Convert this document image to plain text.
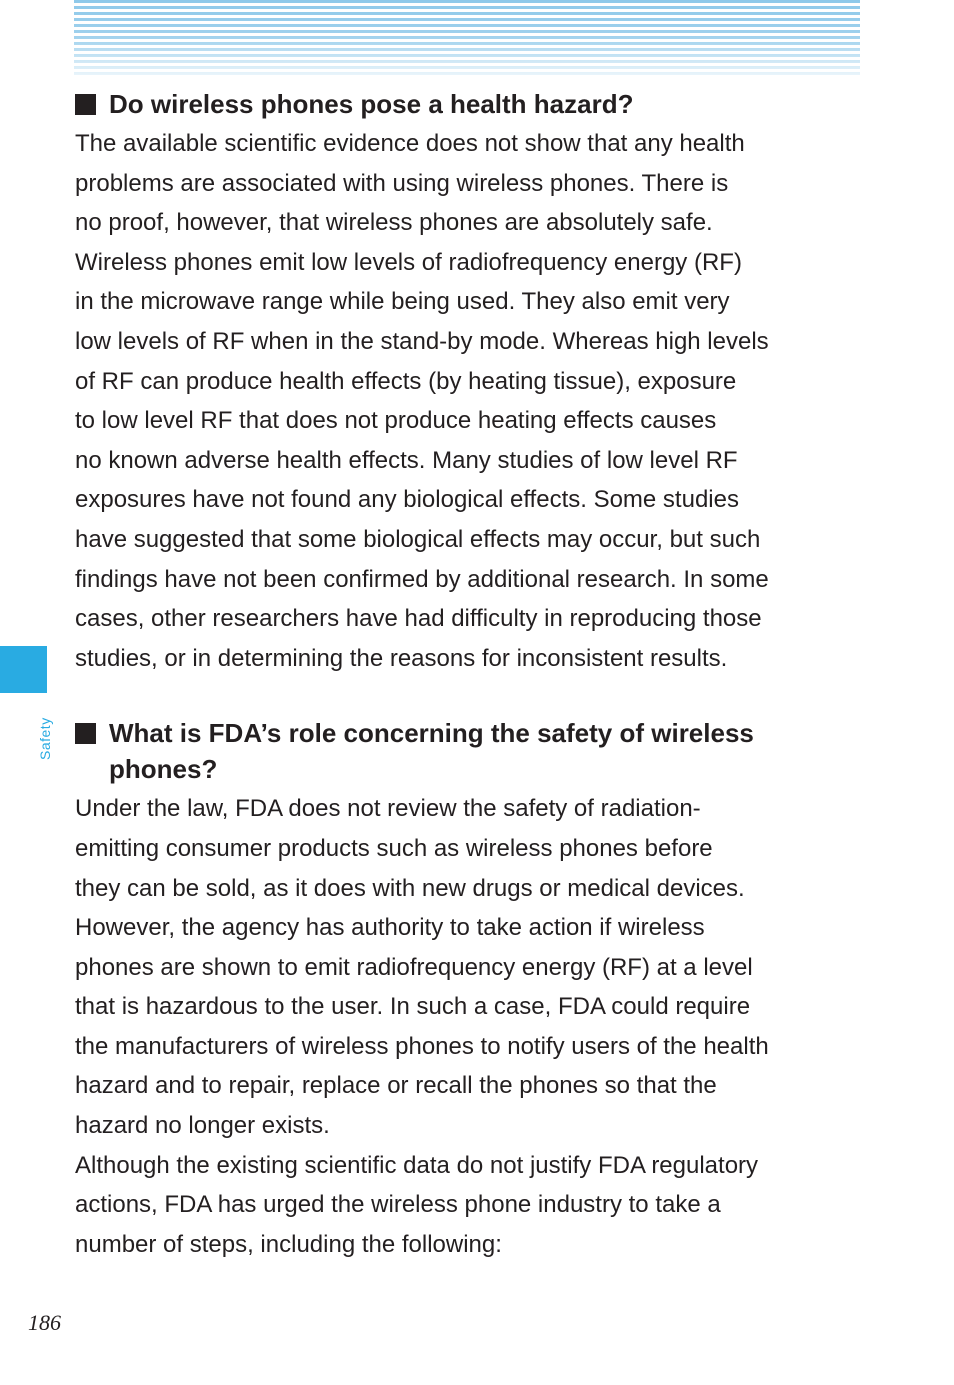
Safety
Do wireless phones pose a health hazard?

The available scientific evidence does not show that any health
problems are associated with using wireless phones. There is
no proof, however, that wireless phones are absolutely safe.
Wireless phones emit low levels of radiofrequency energy (RF)
in the microwave range while being used. They also emit very
low levels of RF when in the stand-by mode. Whereas high levels
of RF can produce health effects (by heating tissue), exposure
to low level RF that does not produce heating effects causes
no known adverse health effects. Many studies of low level RF
exposures have not found any biological effects. Some studies
have suggested that some biological effects may occur, but such
findings have not been confirmed by additional research. In some
cases, other researchers have had difficulty in reproducing those
studies, or in determining the reasons for inconsistent results.

What is FDA’s role concerning the safety of wireless
phones?

Under the law, FDA does not review the safety of radiation-
emitting consumer products such as wireless phones before
they can be sold, as it does with new drugs or medical devices.
However, the agency has authority to take action if wireless
phones are shown to emit radiofrequency energy (RF) at a level
that is hazardous to the user. In such a case, FDA could require
the manufacturers of wireless phones to notify users of the health
hazard and to repair, replace or recall the phones so that the
hazard no longer exists.
Although the existing scientific data do not justify FDA regulatory
actions, FDA has urged the wireless phone industry to take a
number of steps, including the following:

186
